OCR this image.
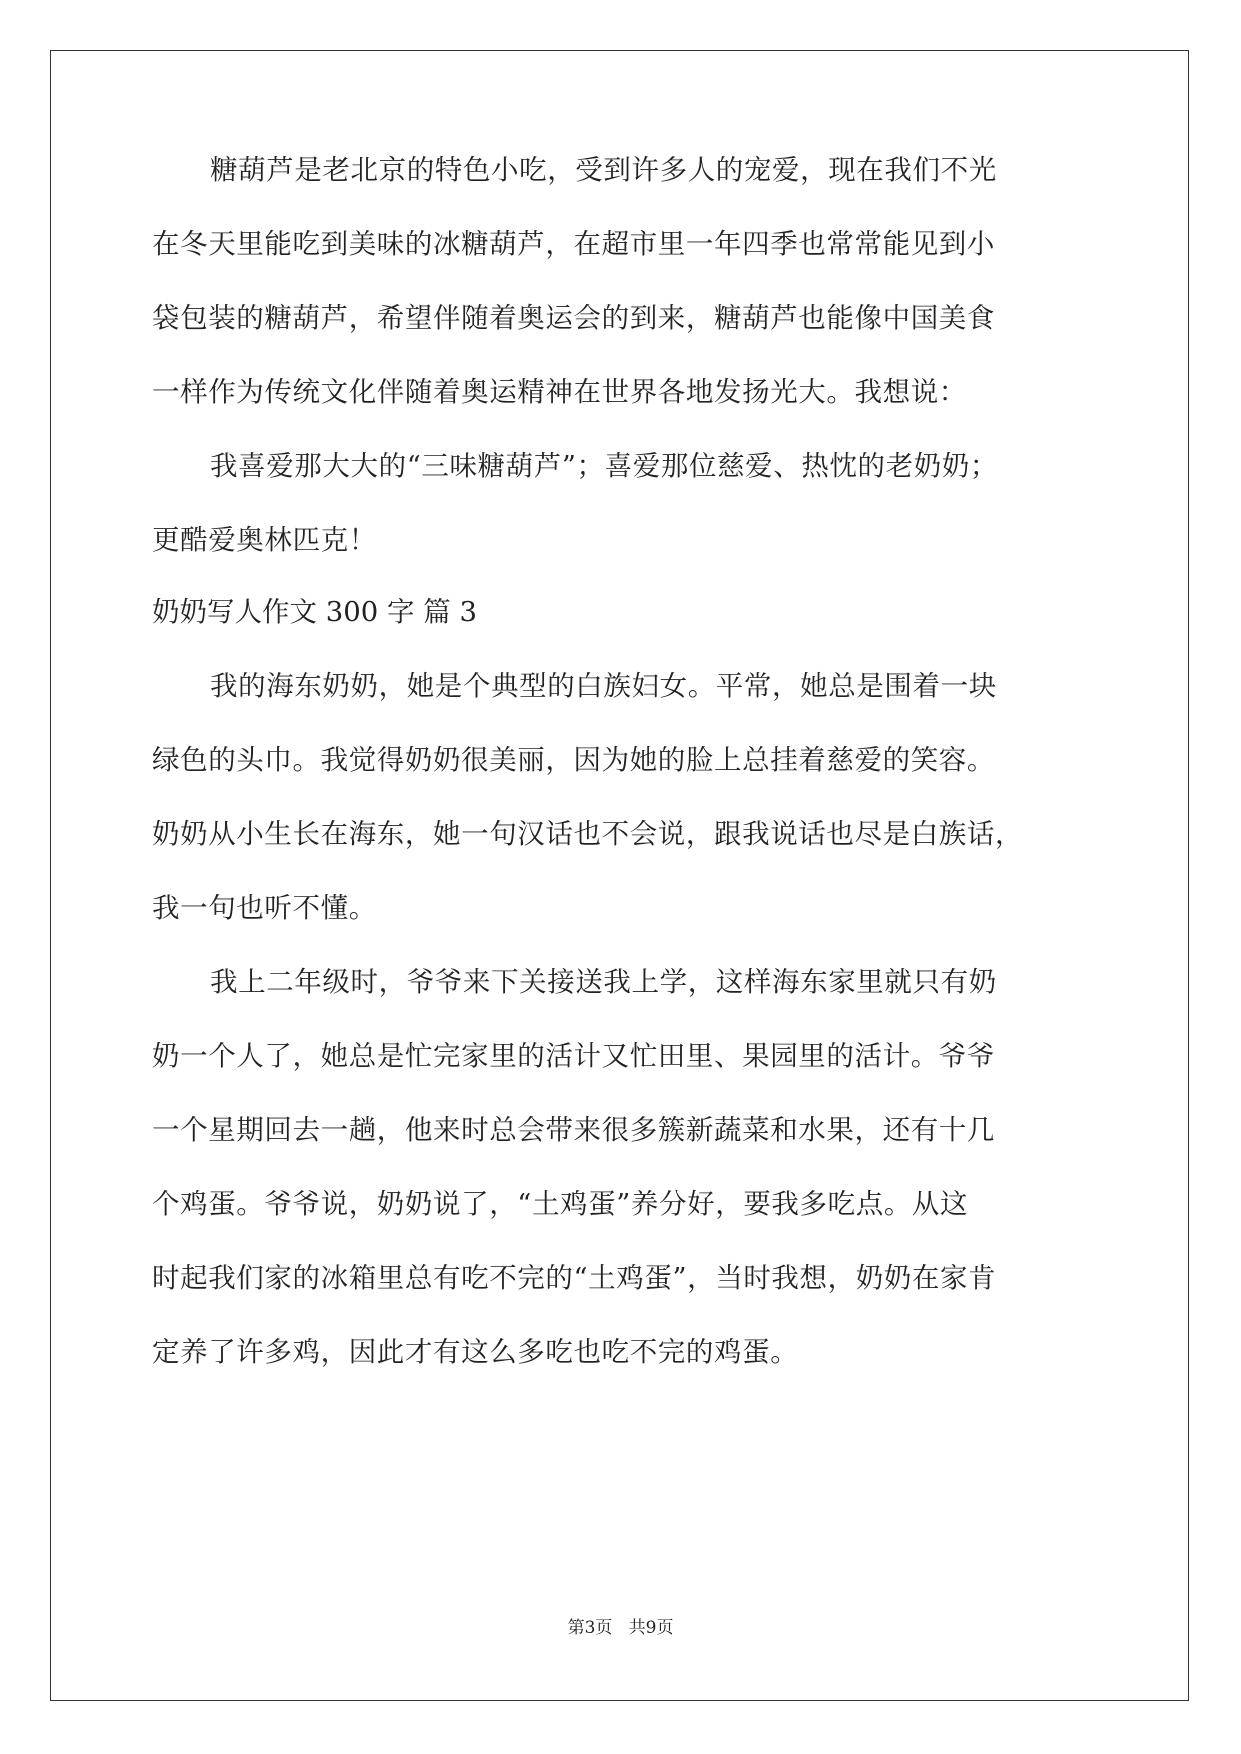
糖葫芦是老北京的特色小吃，受到许多人的宠爱，现在我们不光
在冬天里能吃到美味的冰糖葫芦，在超市里一年四季也常常能见到小
袋包装的糖葫芦，希望伴随着奥运会的到来，糖葫芦也能像中国美食
一样作为传统文化伴随着奥运精神在世界各地发扬光大。我想说：
我喜爱那大大的“三味糖葫芦”；喜爱那位慈爱、热忱的老奶奶；
更酷爱奥林匹克！
奶奶写人作文 300 字 篇 3
我的海东奶奶，她是个典型的白族妇女。平常，她总是围着一块
绿色的头巾。我觉得奶奶很美丽，因为她的脸上总挂着慈爱的笑容。
奶奶从小生长在海东，她一句汉话也不会说，跟我说话也尽是白族话，
我一句也听不懂。
我上二年级时，爷爷来下关接送我上学，这样海东家里就只有奶
奶一个人了，她总是忙完家里的活计又忙田里、果园里的活计。爷爷
一个星期回去一趟，他来时总会带来很多簇新蔬菜和水果，还有十几
个鸡蛋。爷爷说，奶奶说了，“土鸡蛋”养分好，要我多吃点。从这
时起我们家的冰箱里总有吃不完的“土鸡蛋”，当时我想，奶奶在家肯
定养了许多鸡，因此才有这么多吃也吃不完的鸡蛋。
第3页 共9页
